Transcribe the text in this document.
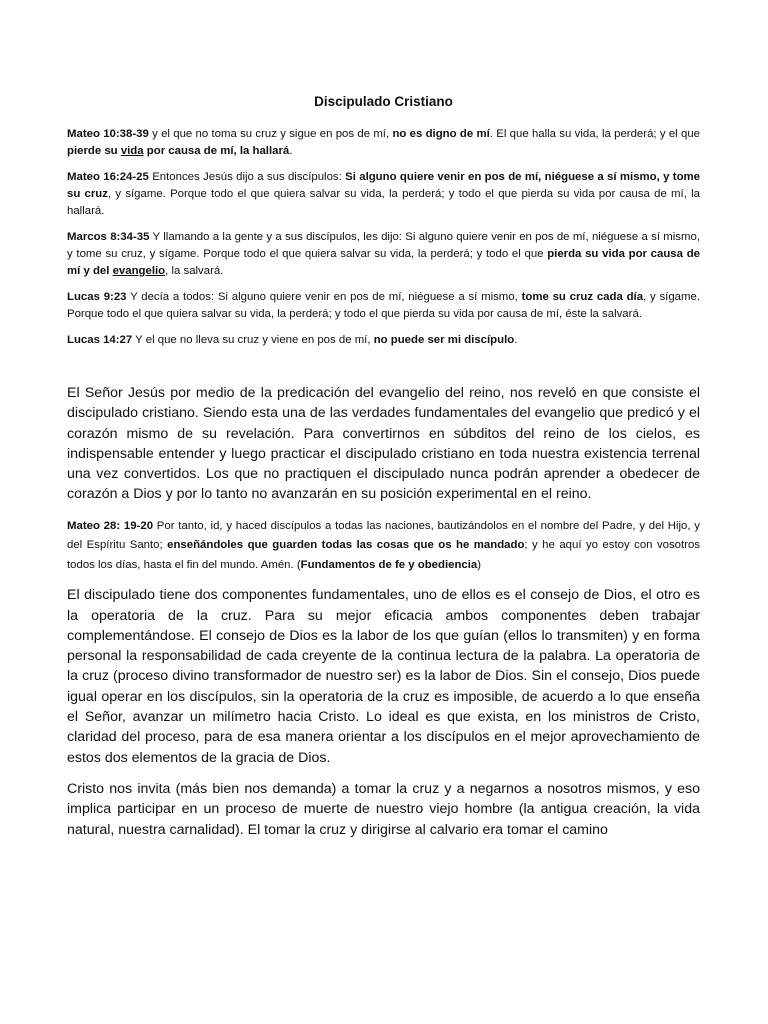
Discipulado Cristiano

Mateo 10:38-39 y el que no toma su cruz y sigue en pos de mí, no es digno de mí. El que halla su vida, la perderá; y el que pierde su vida por causa de mí, la hallará.

Mateo 16:24-25 Entonces Jesús dijo a sus discípulos: Si alguno quiere venir en pos de mí, niéguese a sí mismo, y tome su cruz, y sígame. Porque todo el que quiera salvar su vida, la perderá; y todo el que pierda su vida por causa de mí, la hallará.

Marcos 8:34-35 Y llamando a la gente y a sus discípulos, les dijo: Si alguno quiere venir en pos de mí, niéguese a sí mismo, y tome su cruz, y sígame. Porque todo el que quiera salvar su vida, la perderá; y todo el que pierda su vida por causa de mí y del evangelio, la salvará.

Lucas 9:23 Y decía a todos: Si alguno quiere venir en pos de mí, niéguese a sí mismo, tome su cruz cada día, y sígame. Porque todo el que quiera salvar su vida, la perderá; y todo el que pierda su vida por causa de mí, éste la salvará.

Lucas 14:27 Y el que no lleva su cruz y viene en pos de mí, no puede ser mi discípulo.

El Señor Jesús por medio de la predicación del evangelio del reino, nos reveló en que consiste el discipulado cristiano. Siendo esta una de las verdades fundamentales del evangelio que predicó y el corazón mismo de su revelación. Para convertirnos en súbditos del reino de los cielos, es indispensable entender y luego practicar el discipulado cristiano en toda nuestra existencia terrenal una vez convertidos. Los que no practiquen el discipulado nunca podrán aprender a obedecer de corazón a Dios y por lo tanto no avanzarán en su posición experimental en el reino.

Mateo 28: 19-20 Por tanto, id, y haced discípulos a todas las naciones, bautizándolos en el nombre del Padre, y del Hijo, y del Espíritu Santo; enseñándoles que guarden todas las cosas que os he mandado; y he aquí yo estoy con vosotros todos los días, hasta el fin del mundo. Amén. (Fundamentos de fe y obediencia)

El discipulado tiene dos componentes fundamentales, uno de ellos es el consejo de Dios, el otro es la operatoria de la cruz. Para su mejor eficacia ambos componentes deben trabajar complementándose. El consejo de Dios es la labor de los que guían (ellos lo transmiten) y en forma personal la responsabilidad de cada creyente de la continua lectura de la palabra. La operatoria de la cruz (proceso divino transformador de nuestro ser) es la labor de Dios. Sin el consejo, Dios puede igual operar en los discípulos, sin la operatoria de la cruz es imposible, de acuerdo a lo que enseña el Señor, avanzar un milímetro hacia Cristo. Lo ideal es que exista, en los ministros de Cristo, claridad del proceso, para de esa manera orientar a los discípulos en el mejor aprovechamiento de estos dos elementos de la gracia de Dios.

Cristo nos invita (más bien nos demanda) a tomar la cruz y a negarnos a nosotros mismos, y eso implica participar en un proceso de muerte de nuestro viejo hombre (la antigua creación, la vida natural, nuestra carnalidad). El tomar la cruz y dirigirse al calvario era tomar el camino
